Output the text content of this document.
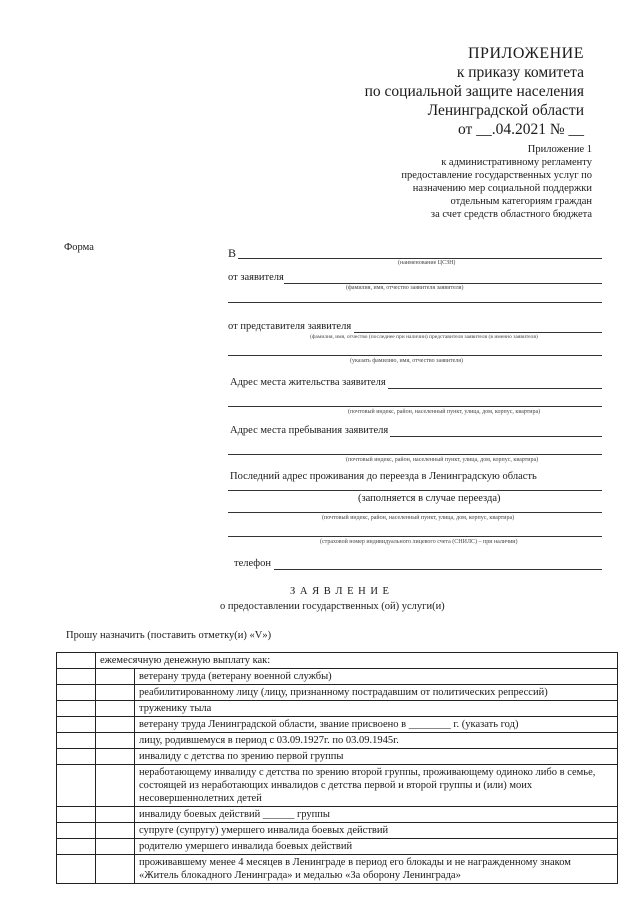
ПРИЛОЖЕНИЕ
к приказу комитета
по социальной защите населения
Ленинградской области
от __.04.2021 № __
Приложение 1
к административному регламенту
предоставление государственных услуг по
назначению мер социальной поддержки
отдельным категориям граждан
за счет средств областного бюджета
Форма	В
(наименование ЦСЗН)
от заявителя
(фамилия, имя, отчество заявителя заявителя)
от представителя заявителя
(фамилия, имя, отчество (последнее при наличии) представителя заявителя (в именно заявителя)
(указать фамилию, имя, отчество заявителя)
Адрес места жительства заявителя
(почтовый индекс, район, населенный пункт, улица, дом, корпус, квартира)
Адрес места пребывания заявителя
(почтовый индекс, район, населенный пункт, улица, дом, корпус, квартира)
Последний адрес проживания до переезда в Ленинградскую область
(заполняется в случае переезда)
(почтовый индекс, район, населенный пункт, улица, дом, корпус, квартира)
(страховой номер индивидуального лицевого счета (СНИЛС) – при наличии)
телефон
З А Я В Л Е Н И Е
о предоставлении государственных (ой) услуги(и)
Прошу назначить (поставить отметку(и) «V»)
	ежемесячную денежную выплату как:	
		ветерану труда (ветерану военной службы)
		реабилитированному лицу (лицу, признанному пострадавшим от политических репрессий)
		труженику тыла
		ветерану труда Ленинградской области, звание присвоено в ________ г. (указать год)
		лицу, родившемуся в период с 03.09.1927г. по 03.09.1945г.
		инвалиду с детства по зрению первой группы
		неработающему инвалиду с детства по зрению второй группы, проживающему одиноко либо в семье, состоящей из неработающих инвалидов с детства первой и второй группы и (или) моих несовершеннолетних детей
		инвалиду боевых действий ______ группы
		супруге (супругу) умершего инвалида боевых действий
		родителю умершего инвалида боевых действий
		проживавшему менее 4 месяцев в Ленинграде в период его блокады и не награжденному знаком «Житель блокадного Ленинграда» и медалью «За оборону Ленинграда»
